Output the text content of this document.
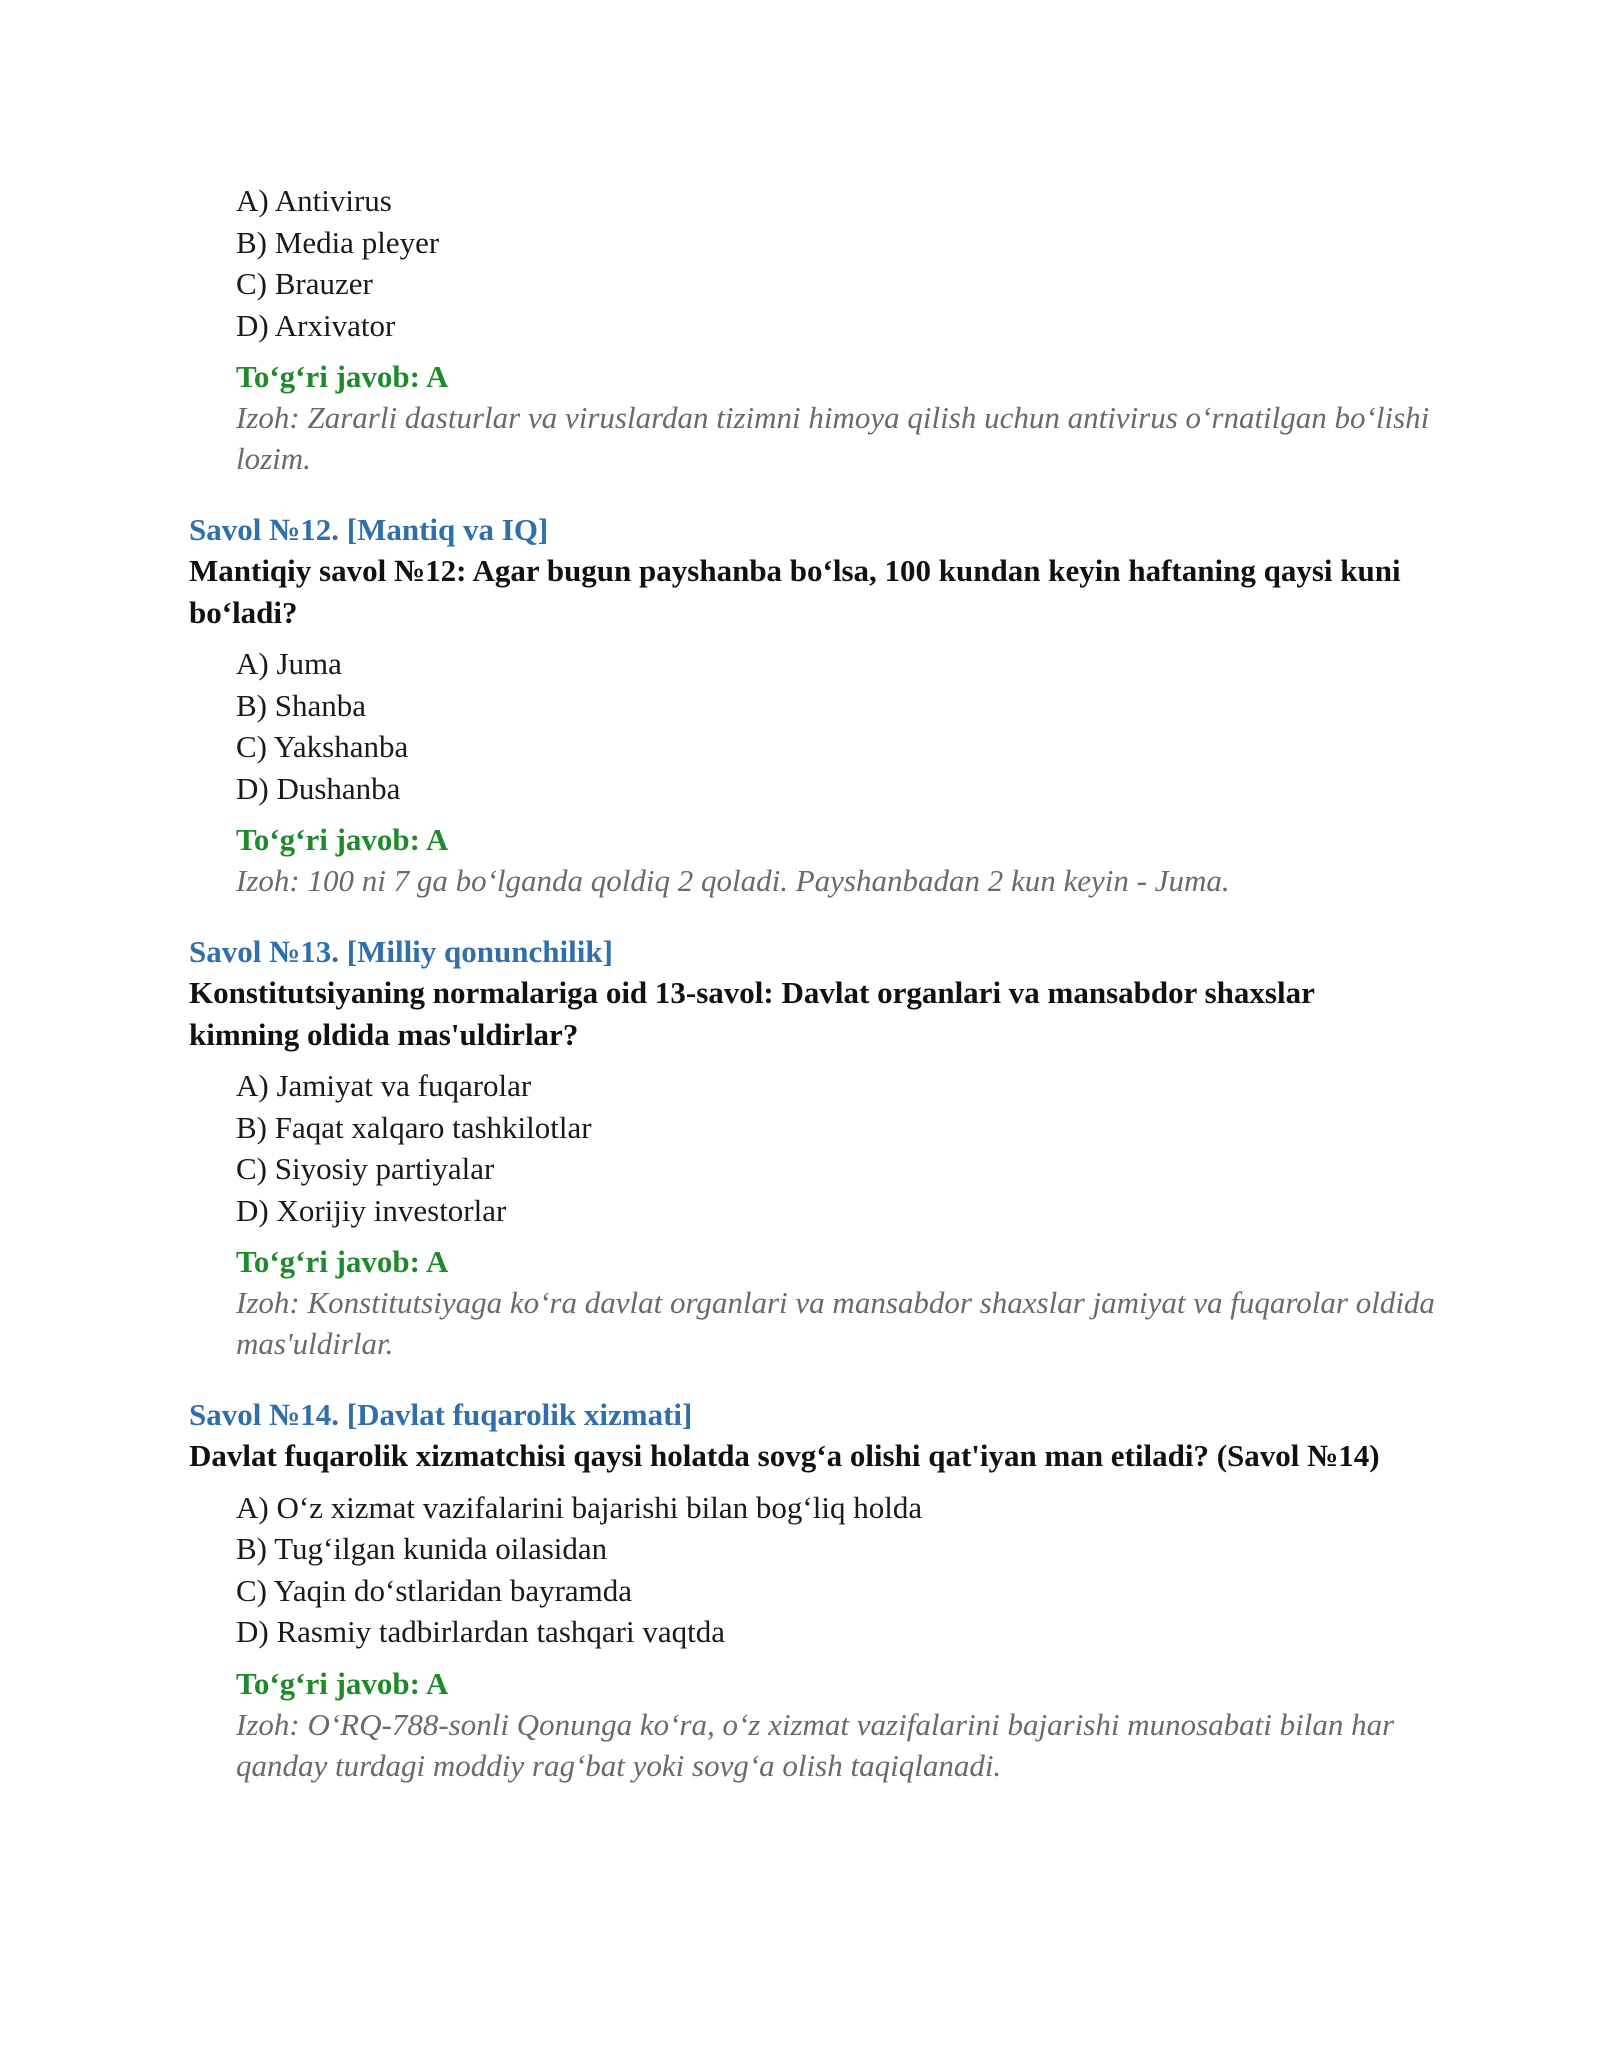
A) Antivirus
B) Media pleyer
C) Brauzer
D) Arxivator
To‘g‘ri javob: A
Izoh: Zararli dasturlar va viruslardan tizimni himoya qilish uchun antivirus o‘rnatilgan bo‘lishi lozim.
Savol №12. [Mantiq va IQ]
Mantiqiy savol №12: Agar bugun payshanba bo‘lsa, 100 kundan keyin haftaning qaysi kuni bo‘ladi?
A) Juma
B) Shanba
C) Yakshanba
D) Dushanba
To‘g‘ri javob: A
Izoh: 100 ni 7 ga bo‘lganda qoldiq 2 qoladi. Payshanbadan 2 kun keyin - Juma.
Savol №13. [Milliy qonunchilik]
Konstitutsiyaning normalariga oid 13-savol: Davlat organlari va mansabdor shaxslar kimning oldida mas'uldirlar?
A) Jamiyat va fuqarolar
B) Faqat xalqaro tashkilotlar
C) Siyosiy partiyalar
D) Xorijiy investorlar
To‘g‘ri javob: A
Izoh: Konstitutsiyaga ko‘ra davlat organlari va mansabdor shaxslar jamiyat va fuqarolar oldida mas'uldirlar.
Savol №14. [Davlat fuqarolik xizmati]
Davlat fuqarolik xizmatchisi qaysi holatda sovg‘a olishi qat'iyan man etiladi? (Savol №14)
A) O‘z xizmat vazifalarini bajarishi bilan bog‘liq holda
B) Tug‘ilgan kunida oilasidan
C) Yaqin do‘stlaridan bayramda
D) Rasmiy tadbirlardan tashqari vaqtda
To‘g‘ri javob: A
Izoh: O‘RQ-788-sonli Qonunga ko‘ra, o‘z xizmat vazifalarini bajarishi munosabati bilan har qanday turdagi moddiy rag‘bat yoki sovg‘a olish taqiqlanadi.
